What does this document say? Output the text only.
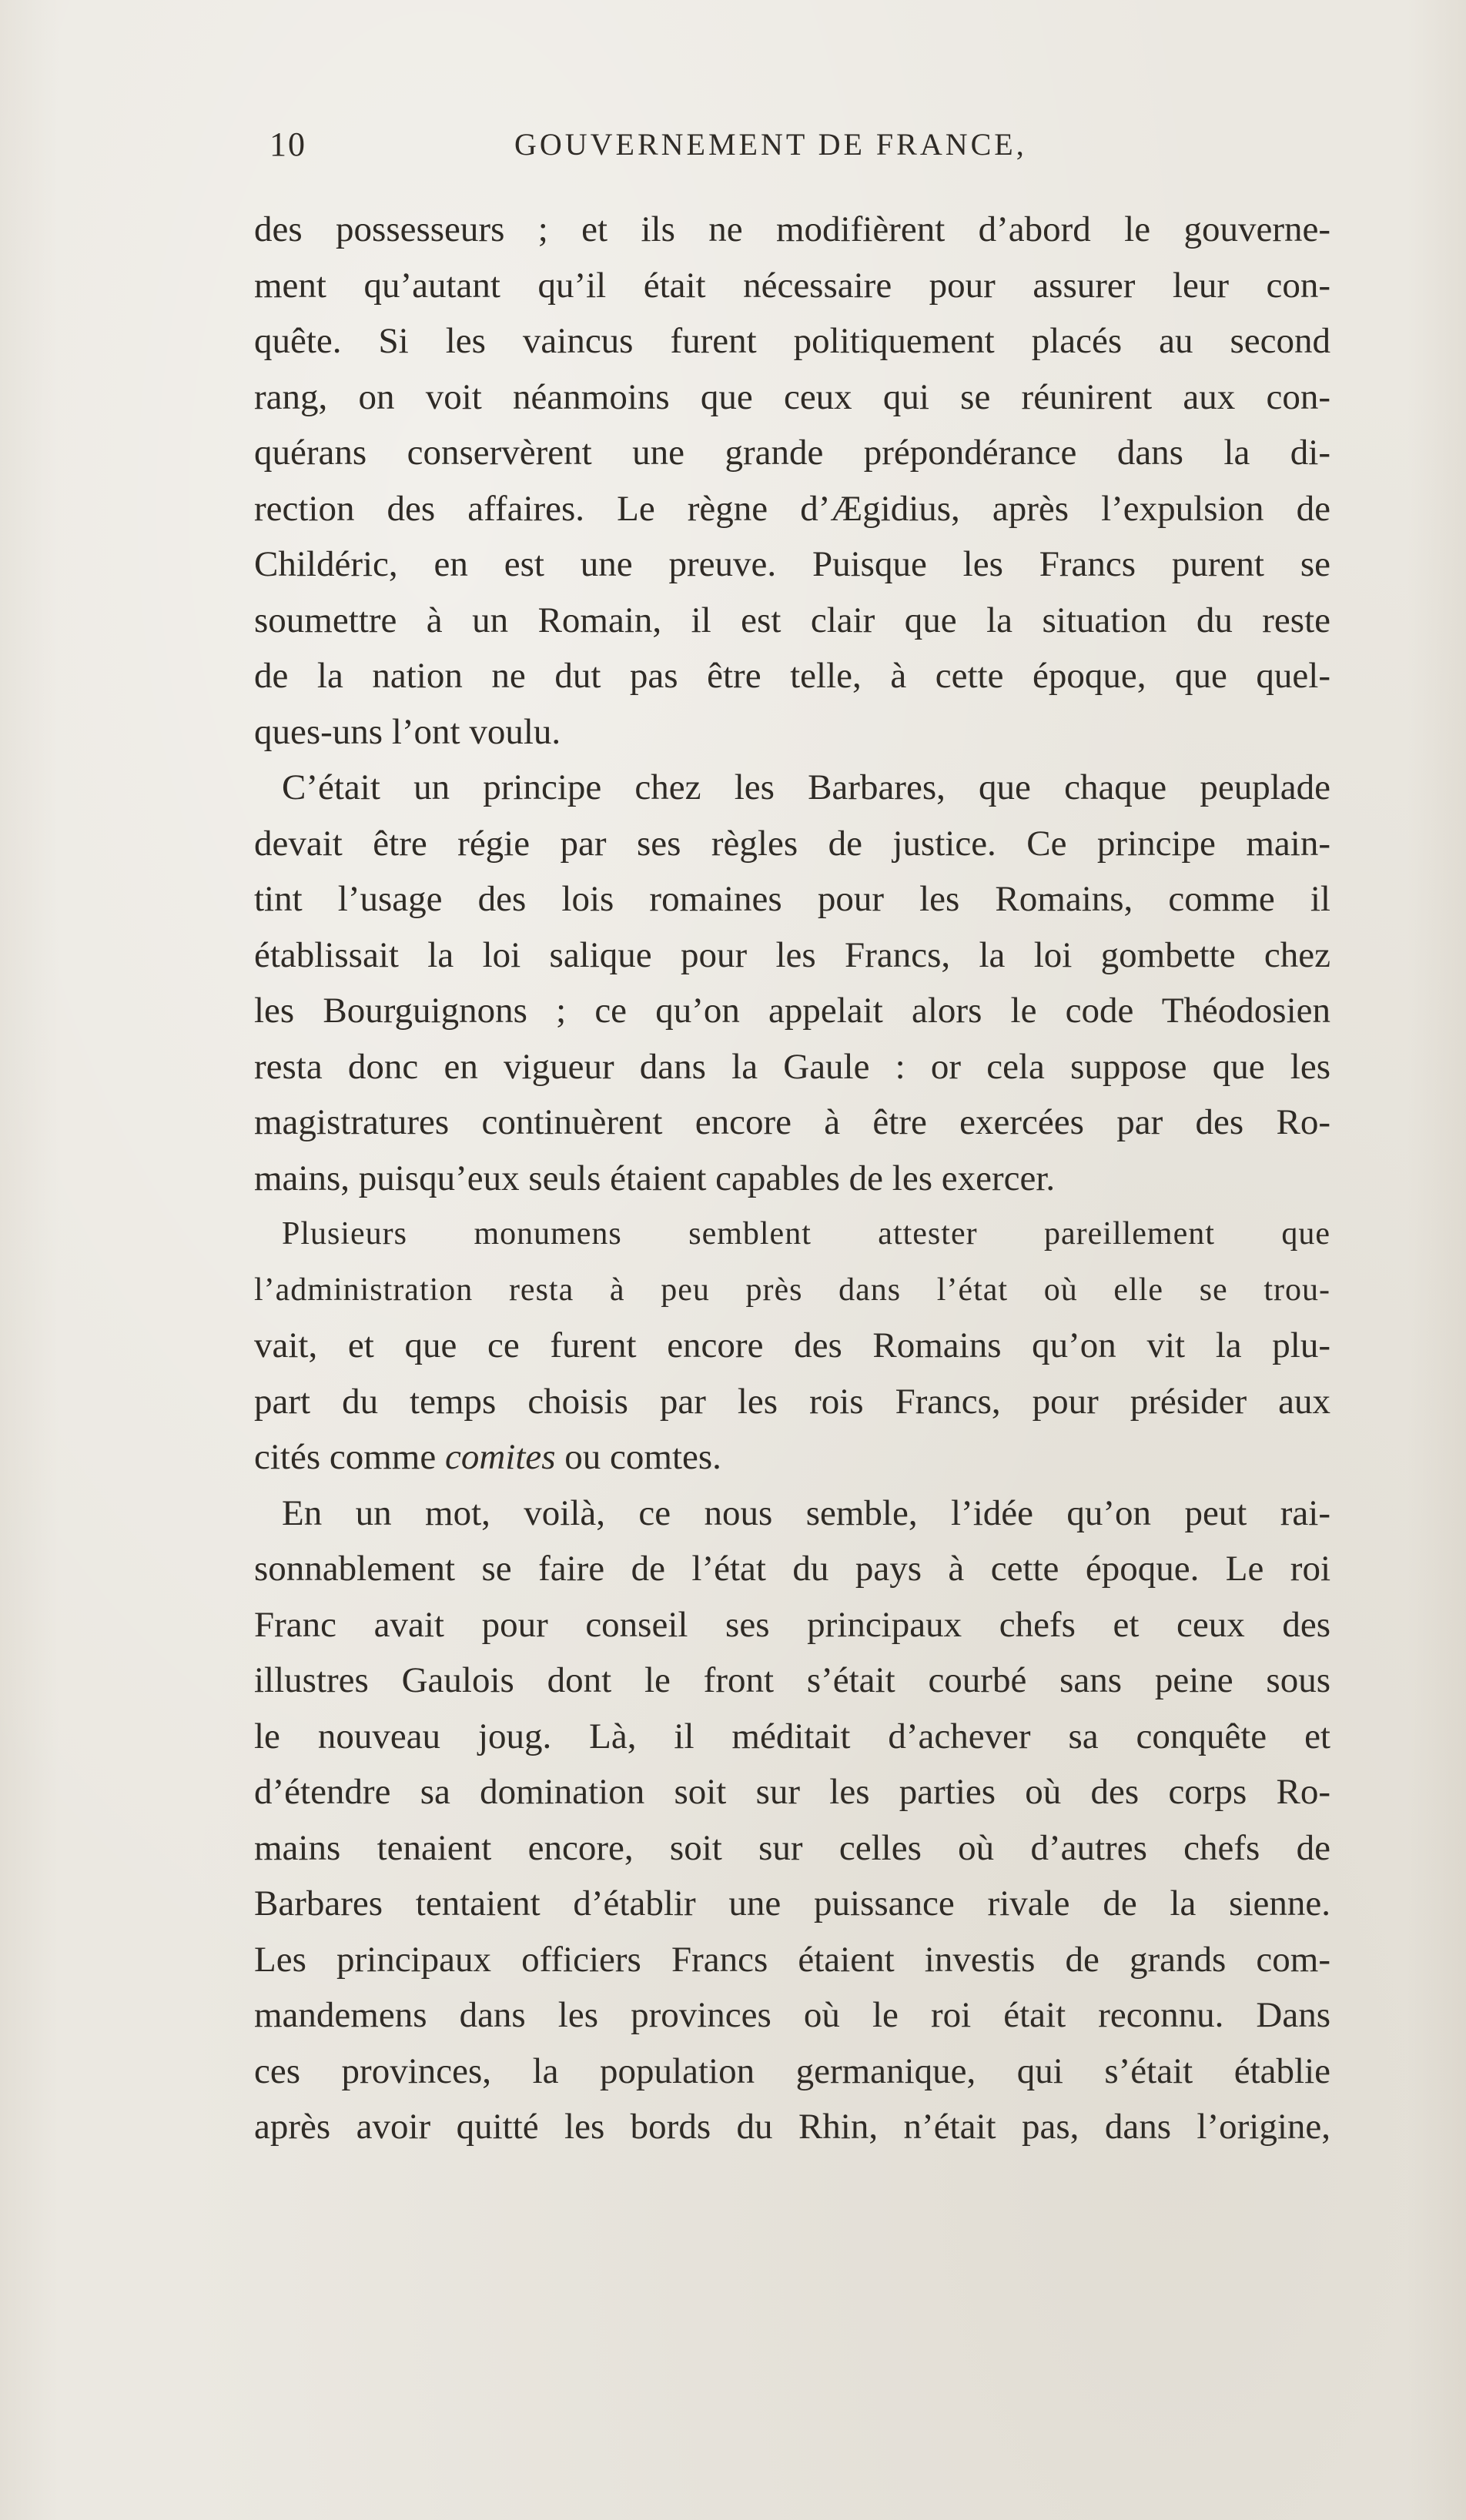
10	GOUVERNEMENT DE FRANCE,
des possesseurs ; et ils ne modifièrent d’abord le gouverne-
ment qu’autant qu’il était nécessaire pour assurer leur con-
quête. Si les vaincus furent politiquement placés au second
rang, on voit néanmoins que ceux qui se réunirent aux con-
quérans conservèrent une grande prépondérance dans la di-
rection des affaires. Le règne d’Ægidius, après l’expulsion de
Childéric, en est une preuve. Puisque les Francs purent se
soumettre à un Romain, il est clair que la situation du reste
de la nation ne dut pas être telle, à cette époque, que quel-
ques-uns l’ont voulu.
C’était un principe chez les Barbares, que chaque peuplade
devait être régie par ses règles de justice. Ce principe main-
tint l’usage des lois romaines pour les Romains, comme il
établissait la loi salique pour les Francs, la loi gombette chez
les Bourguignons ; ce qu’on appelait alors le code Théodosien
resta donc en vigueur dans la Gaule : or cela suppose que les
magistratures continuèrent encore à être exercées par des Ro-
mains, puisqu’eux seuls étaient capables de les exercer.
Plusieurs monumens semblent attester pareillement que
l’administration resta à peu près dans l’état où elle se trou-
vait, et que ce furent encore des Romains qu’on vit la plu-
part du temps choisis par les rois Francs, pour présider aux
cités comme comites ou comtes.
En un mot, voilà, ce nous semble, l’idée qu’on peut rai-
sonnablement se faire de l’état du pays à cette époque. Le roi
Franc avait pour conseil ses principaux chefs et ceux des
illustres Gaulois dont le front s’était courbé sans peine sous
le nouveau joug. Là, il méditait d’achever sa conquête et
d’étendre sa domination soit sur les parties où des corps Ro-
mains tenaient encore, soit sur celles où d’autres chefs de
Barbares tentaient d’établir une puissance rivale de la sienne.
Les principaux officiers Francs étaient investis de grands com-
mandemens dans les provinces où le roi était reconnu. Dans
ces provinces, la population germanique, qui s’était établie
après avoir quitté les bords du Rhin, n’était pas, dans l’origine,
